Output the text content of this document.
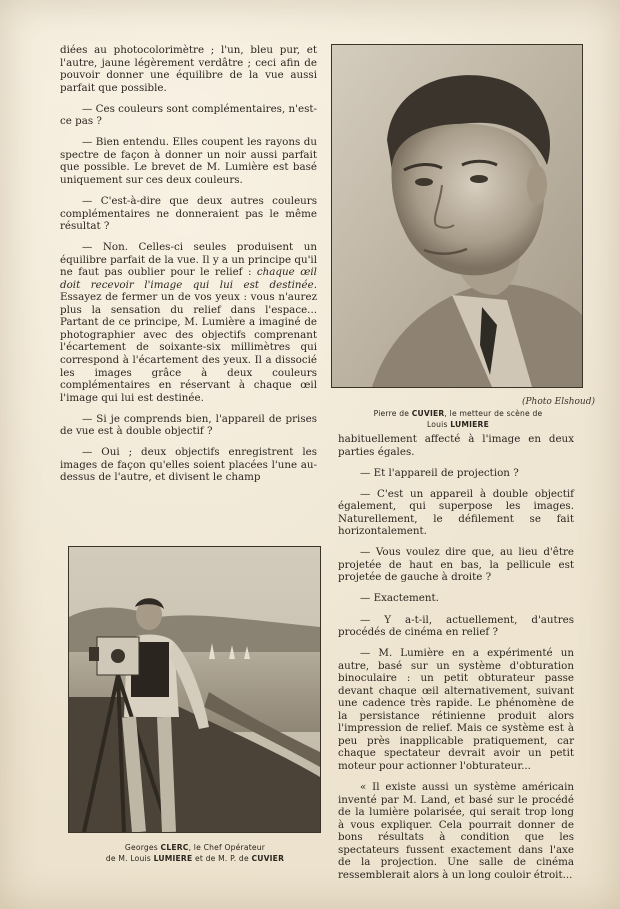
diées au photocolorimètre ; l'un, bleu pur, et l'autre, jaune légèrement verdâtre ; ceci afin de pouvoir donner une équilibre de la vue aussi parfait que possible.

— Ces couleurs sont complémentaires, n'est-ce pas ?

— Bien entendu. Elles coupent les rayons du spectre de façon à donner un noir aussi parfait que possible. Le brevet de M. Lumière est basé uniquement sur ces deux couleurs.

— C'est-à-dire que deux autres couleurs complémentaires ne donneraient pas le même résultat ?

— Non. Celles-ci seules produisent un équilibre parfait de la vue. Il y a un principe qu'il ne faut pas oublier pour le relief : chaque œil doit recevoir l'image qui lui est destinée. Essayez de fermer un de vos yeux : vous n'aurez plus la sensation du relief dans l'espace... Partant de ce principe, M. Lumière a imaginé de photographier avec des objectifs comprenant l'écartement de soixante-six millimètres qui correspond à l'écartement des yeux. Il a dissocié les images grâce à deux couleurs complémentaires en réservant à chaque œil l'image qui lui est destinée.

— Si je comprends bien, l'appareil de prises de vue est à double objectif ?

— Oui ; deux objectifs enregistrent les images de façon qu'elles soient placées l'une au-dessus de l'autre, et divisent le champ

(Photo Elshoud)
Pierre de CUVIER, le metteur de scène de
Louis LUMIERE

habituellement affecté à l'image en deux parties égales.

— Et l'appareil de projection ?

— C'est un appareil à double objectif également, qui superpose les images. Naturellement, le défilement se fait horizontalement.

— Vous voulez dire que, au lieu d'être projetée de haut en bas, la pellicule est projetée de gauche à droite ?

— Exactement.

— Y a-t-il, actuellement, d'autres procédés de cinéma en relief ?

— M. Lumière en a expérimenté un autre, basé sur un système d'obturation binoculaire : un petit obturateur passe devant chaque œil alternativement, suivant une cadence très rapide. Le phénomène de la persistance rétinienne produit alors l'impression de relief. Mais ce système est à peu près inapplicable pratiquement, car chaque spectateur devrait avoir un petit moteur pour actionner l'obturateur...

« Il existe aussi un système américain inventé par M. Land, et basé sur le procédé de la lumière polarisée, qui serait trop long à vous expliquer. Cela pourrait donner de bons résultats à condition que les spectateurs fussent exactement dans l'axe de la projection. Une salle de cinéma ressemblerait alors à un long couloir étroit...

Georges CLERC, le Chef Opérateur
de M. Louis LUMIERE et de M. P. de CUVIER
